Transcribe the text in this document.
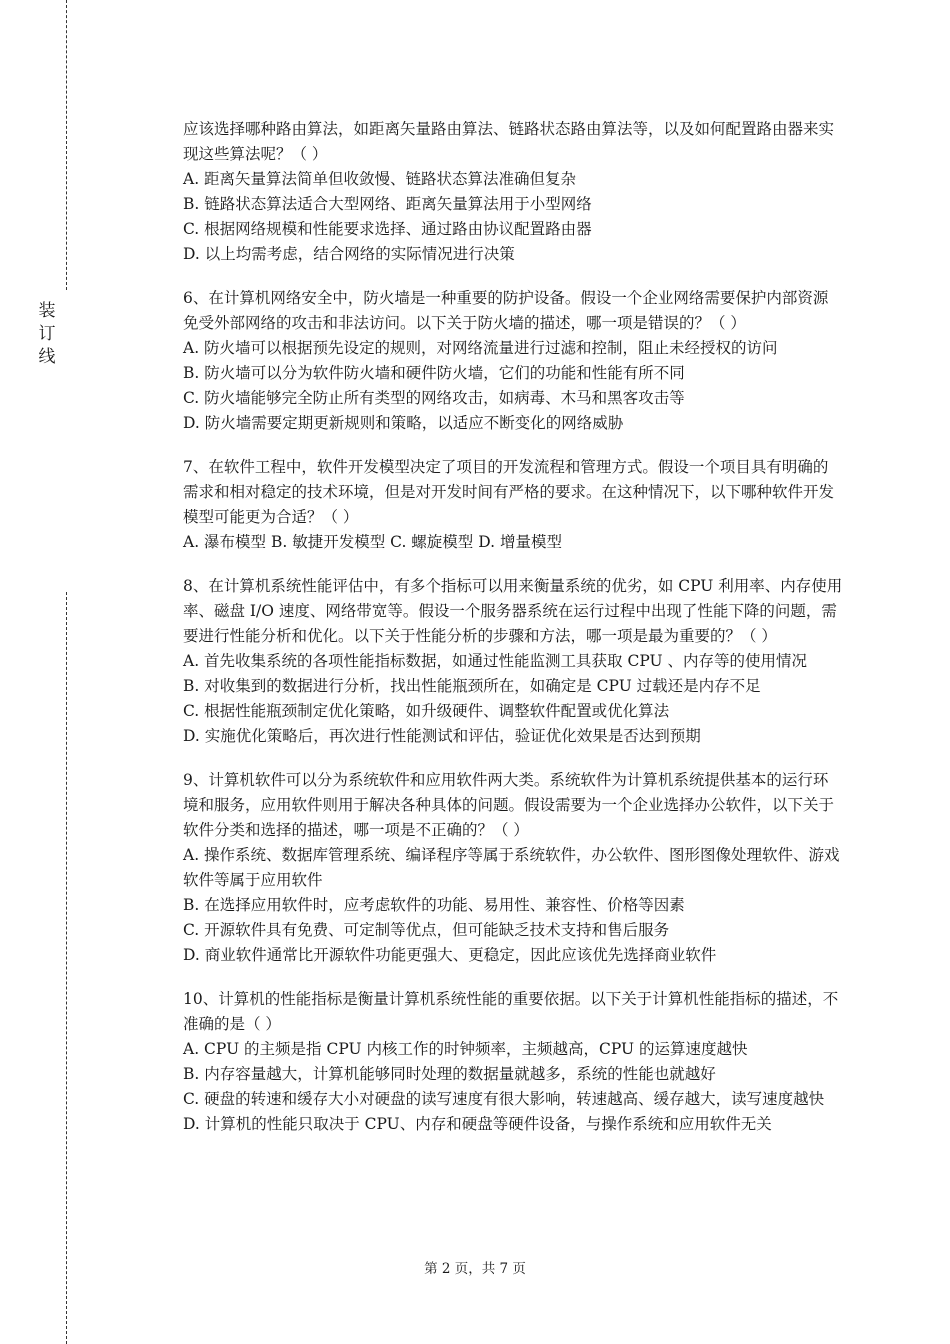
装
订
线
应该选择哪种路由算法，如距离矢量路由算法、链路状态路由算法等，以及如何配置路由器来实现这些算法呢？（ ）
A. 距离矢量算法简单但收敛慢、链路状态算法准确但复杂
B. 链路状态算法适合大型网络、距离矢量算法用于小型网络
C. 根据网络规模和性能要求选择、通过路由协议配置路由器
D. 以上均需考虑，结合网络的实际情况进行决策
6、在计算机网络安全中，防火墙是一种重要的防护设备。假设一个企业网络需要保护内部资源免受外部网络的攻击和非法访问。以下关于防火墙的描述，哪一项是错误的？（ ）
A. 防火墙可以根据预先设定的规则，对网络流量进行过滤和控制，阻止未经授权的访问
B. 防火墙可以分为软件防火墙和硬件防火墙，它们的功能和性能有所不同
C. 防火墙能够完全防止所有类型的网络攻击，如病毒、木马和黑客攻击等
D. 防火墙需要定期更新规则和策略，以适应不断变化的网络威胁
7、在软件工程中，软件开发模型决定了项目的开发流程和管理方式。假设一个项目具有明确的需求和相对稳定的技术环境，但是对开发时间有严格的要求。在这种情况下，以下哪种软件开发模型可能更为合适？（ ）
A. 瀑布模型 B. 敏捷开发模型 C. 螺旋模型 D. 增量模型
8、在计算机系统性能评估中，有多个指标可以用来衡量系统的优劣，如 CPU 利用率、内存使用率、磁盘 I/O 速度、网络带宽等。假设一个服务器系统在运行过程中出现了性能下降的问题，需要进行性能分析和优化。以下关于性能分析的步骤和方法，哪一项是最为重要的？（ ）
A. 首先收集系统的各项性能指标数据，如通过性能监测工具获取 CPU 、内存等的使用情况
B. 对收集到的数据进行分析，找出性能瓶颈所在，如确定是 CPU 过载还是内存不足
C. 根据性能瓶颈制定优化策略，如升级硬件、调整软件配置或优化算法
D. 实施优化策略后，再次进行性能测试和评估，验证优化效果是否达到预期
9、计算机软件可以分为系统软件和应用软件两大类。系统软件为计算机系统提供基本的运行环境和服务，应用软件则用于解决各种具体的问题。假设需要为一个企业选择办公软件，以下关于软件分类和选择的描述，哪一项是不正确的？（ ）
A. 操作系统、数据库管理系统、编译程序等属于系统软件，办公软件、图形图像处理软件、游戏软件等属于应用软件
B. 在选择应用软件时，应考虑软件的功能、易用性、兼容性、价格等因素
C. 开源软件具有免费、可定制等优点，但可能缺乏技术支持和售后服务
D. 商业软件通常比开源软件功能更强大、更稳定，因此应该优先选择商业软件
10、计算机的性能指标是衡量计算机系统性能的重要依据。以下关于计算机性能指标的描述，不准确的是（ ）
A. CPU 的主频是指 CPU 内核工作的时钟频率，主频越高，CPU 的运算速度越快
B. 内存容量越大，计算机能够同时处理的数据量就越多，系统的性能也就越好
C. 硬盘的转速和缓存大小对硬盘的读写速度有很大影响，转速越高、缓存越大，读写速度越快
D. 计算机的性能只取决于 CPU、内存和硬盘等硬件设备，与操作系统和应用软件无关
第 2 页，共 7 页
